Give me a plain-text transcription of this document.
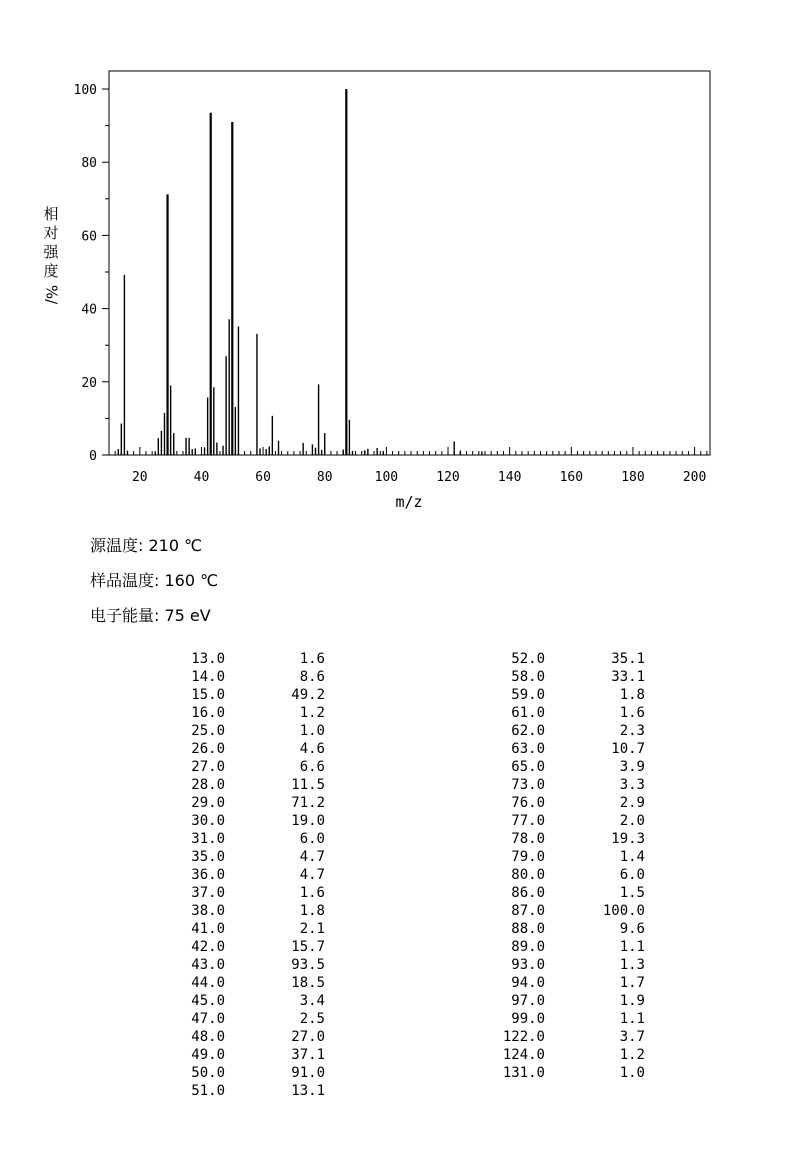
0
20
40
60
80
100
20	40	60	80	100	120	140	160	180	200
m/z
相
对
强
度
%/
源温度: 210 ℃
样品温度: 160 ℃
电子能量: 75 eV
13.0	1.6
14.0	8.6
15.0	49.2
16.0	1.2
25.0	1.0
26.0	4.6
27.0	6.6
28.0	11.5
29.0	71.2
30.0	19.0
31.0	6.0
35.0	4.7
36.0	4.7
37.0	1.6
38.0	1.8
41.0	2.1
42.0	15.7
43.0	93.5
44.0	18.5
45.0	3.4
47.0	2.5
48.0	27.0
49.0	37.1
50.0	91.0
51.0	13.1
52.0	35.1
58.0	33.1
59.0	1.8
61.0	1.6
62.0	2.3
63.0	10.7
65.0	3.9
73.0	3.3
76.0	2.9
77.0	2.0
78.0	19.3
79.0	1.4
80.0	6.0
86.0	1.5
87.0	100.0
88.0	9.6
89.0	1.1
93.0	1.3
94.0	1.7
97.0	1.9
99.0	1.1
122.0	3.7
124.0	1.2
131.0	1.0
